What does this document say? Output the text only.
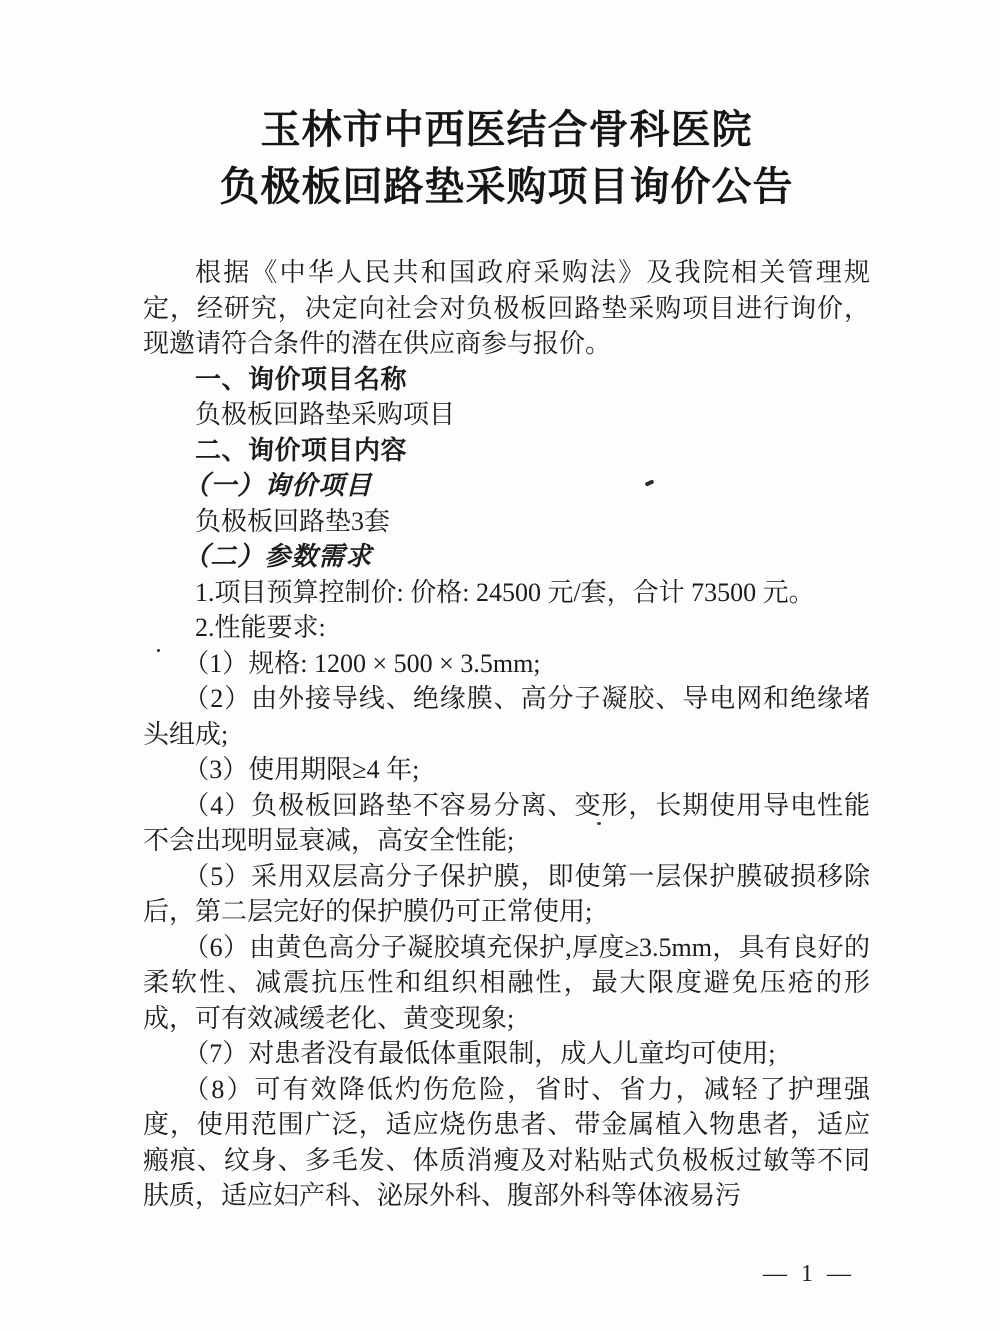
玉林市中西医结合骨科医院
负极板回路垫采购项目询价公告

根据《中华人民共和国政府采购法》及我院相关管理规定，经研究，决定向社会对负极板回路垫采购项目进行询价，现邀请符合条件的潜在供应商参与报价。

一、询价项目名称

负极板回路垫采购项目

二、询价项目内容

（一）询价项目

负极板回路垫3套

（二）参数需求

1.项目预算控制价: 价格: 24500 元/套，合计 73500 元。

2.性能要求:

（1）规格: 1200 × 500 × 3.5mm;

（2）由外接导线、绝缘膜、高分子凝胶、导电网和绝缘堵头组成;

（3）使用期限≥4 年;

（4）负极板回路垫不容易分离、变形，长期使用导电性能不会出现明显衰减，高安全性能;

（5）采用双层高分子保护膜，即使第一层保护膜破损移除后，第二层完好的保护膜仍可正常使用;

（6）由黄色高分子凝胶填充保护,厚度≥3.5mm，具有良好的柔软性、减震抗压性和组织相融性，最大限度避免压疮的形成，可有效减缓老化、黄变现象;

（7）对患者没有最低体重限制，成人儿童均可使用;

（8）可有效降低灼伤危险，省时、省力，减轻了护理强度，使用范围广泛，适应烧伤患者、带金属植入物患者，适应瘢痕、纹身、多毛发、体质消瘦及对粘贴式负极板过敏等不同肤质，适应妇产科、泌尿外科、腹部外科等体液易污

— 1 —
